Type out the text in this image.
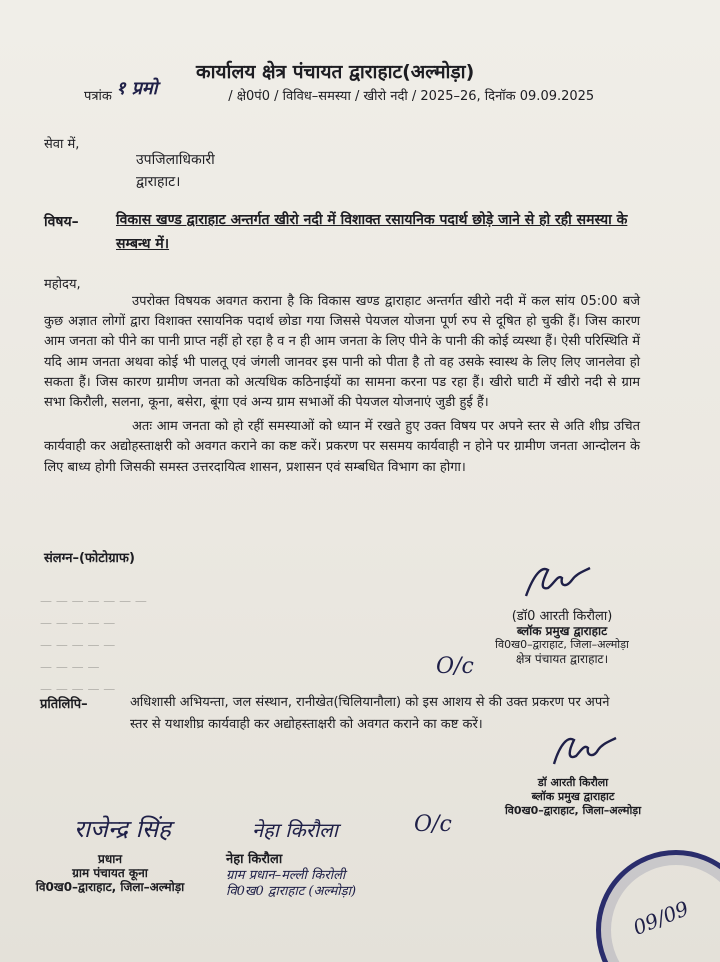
कार्यालय क्षेत्र पंचायत द्वाराहाट(अल्मोड़ा)
पत्रांक १ प्रमो	/ क्षे0पं0 / विविध–समस्या / खीरो नदी / 2025–26, दिनॉक 09.09.2025
सेवा में,
उपजिलाधिकारी
द्वाराहाट।
विषय–	विकास खण्ड द्वाराहाट अन्तर्गत खीरो नदी में विशाक्त रसायनिक पदार्थ छोड़े जाने से हो रही समस्या के सम्बन्ध में।
महोदय,

उपरोक्त विषयक अवगत कराना है कि विकास खण्ड द्वाराहाट अन्तर्गत खीरो नदी में कल सांय 05:00 बजे कुछ अज्ञात लोगों द्वारा विशाक्त रसायनिक पदार्थ छोडा गया जिससे पेयजल योजना पूर्ण रुप से दूषित हो चुकी हैं। जिस कारण आम जनता को पीने का पानी प्राप्त नहीं हो रहा है व न ही आम जनता के लिए पीने के पानी की कोई व्यस्था हैं। ऐसी परिस्थिति में यदि आम जनता अथवा कोई भी पालतू एवं जंगली जानवर इस पानी को पीता है तो वह उसके स्वास्थ के लिए लिए जानलेवा हो सकता हैं। जिस कारण ग्रामीण जनता को अत्यधिक कठिनाईयों का सामना करना पड रहा हैं। खीरो घाटी में खीरो नदी से ग्राम सभा किरौली, सलना, कूना, बसेरा, बूंगा एवं अन्य ग्राम सभाओं की पेयजल योजनाएं जुडी हुई हैं।

अतः आम जनता को हो रहीं समस्याओं को ध्यान में रखते हुए उक्त विषय पर अपने स्तर से अति शीघ्र उचित कार्यवाही कर अद्योहस्ताक्षरी को अवगत कराने का कष्ट करें। प्रकरण पर ससमय कार्यवाही न होने पर ग्रामीण जनता आन्दोलन के लिए बाध्य होगी जिसकी समस्त उत्तरदायित्व शासन, प्रशासन एवं सम्बधित विभाग का होगा।

संलग्न–(फोटोग्राफ)
— — — — — — —
— — — — —
— — — — —
— — — —
— — — — —
(डॉ0 आरती किरौला)
ब्लॉक प्रमुख द्वाराहाट
वि0ख0–द्वाराहाट, जिला–अल्मोड़ा
क्षेत्र पंचायत द्वाराहाट।
O/c
प्रतिलिपि–	अधिशासी अभियन्ता, जल संस्थान, रानीखेत(चिलियानौला) को इस आशय से की उक्त प्रकरण पर अपने स्तर से यथाशीघ्र कार्यवाही कर अद्योहस्ताक्षरी को अवगत कराने का कष्ट करें।
डॉ आरती किरौला
ब्लॉक प्रमुख द्वाराहाट
वि0ख0–द्वाराहाट, जिला–अल्मोड़ा
राजेन्द्र सिंह
प्रधान
ग्राम पंचायत कूना
वि0ख0–द्वाराहाट, जिला–अल्मोड़ा
नेहा किरौला
नेहा किरौला
ग्राम प्रधान–मल्ली किरोली
वि0ख0 द्वाराहाट (अल्मोड़ा)
O/c
09/09
